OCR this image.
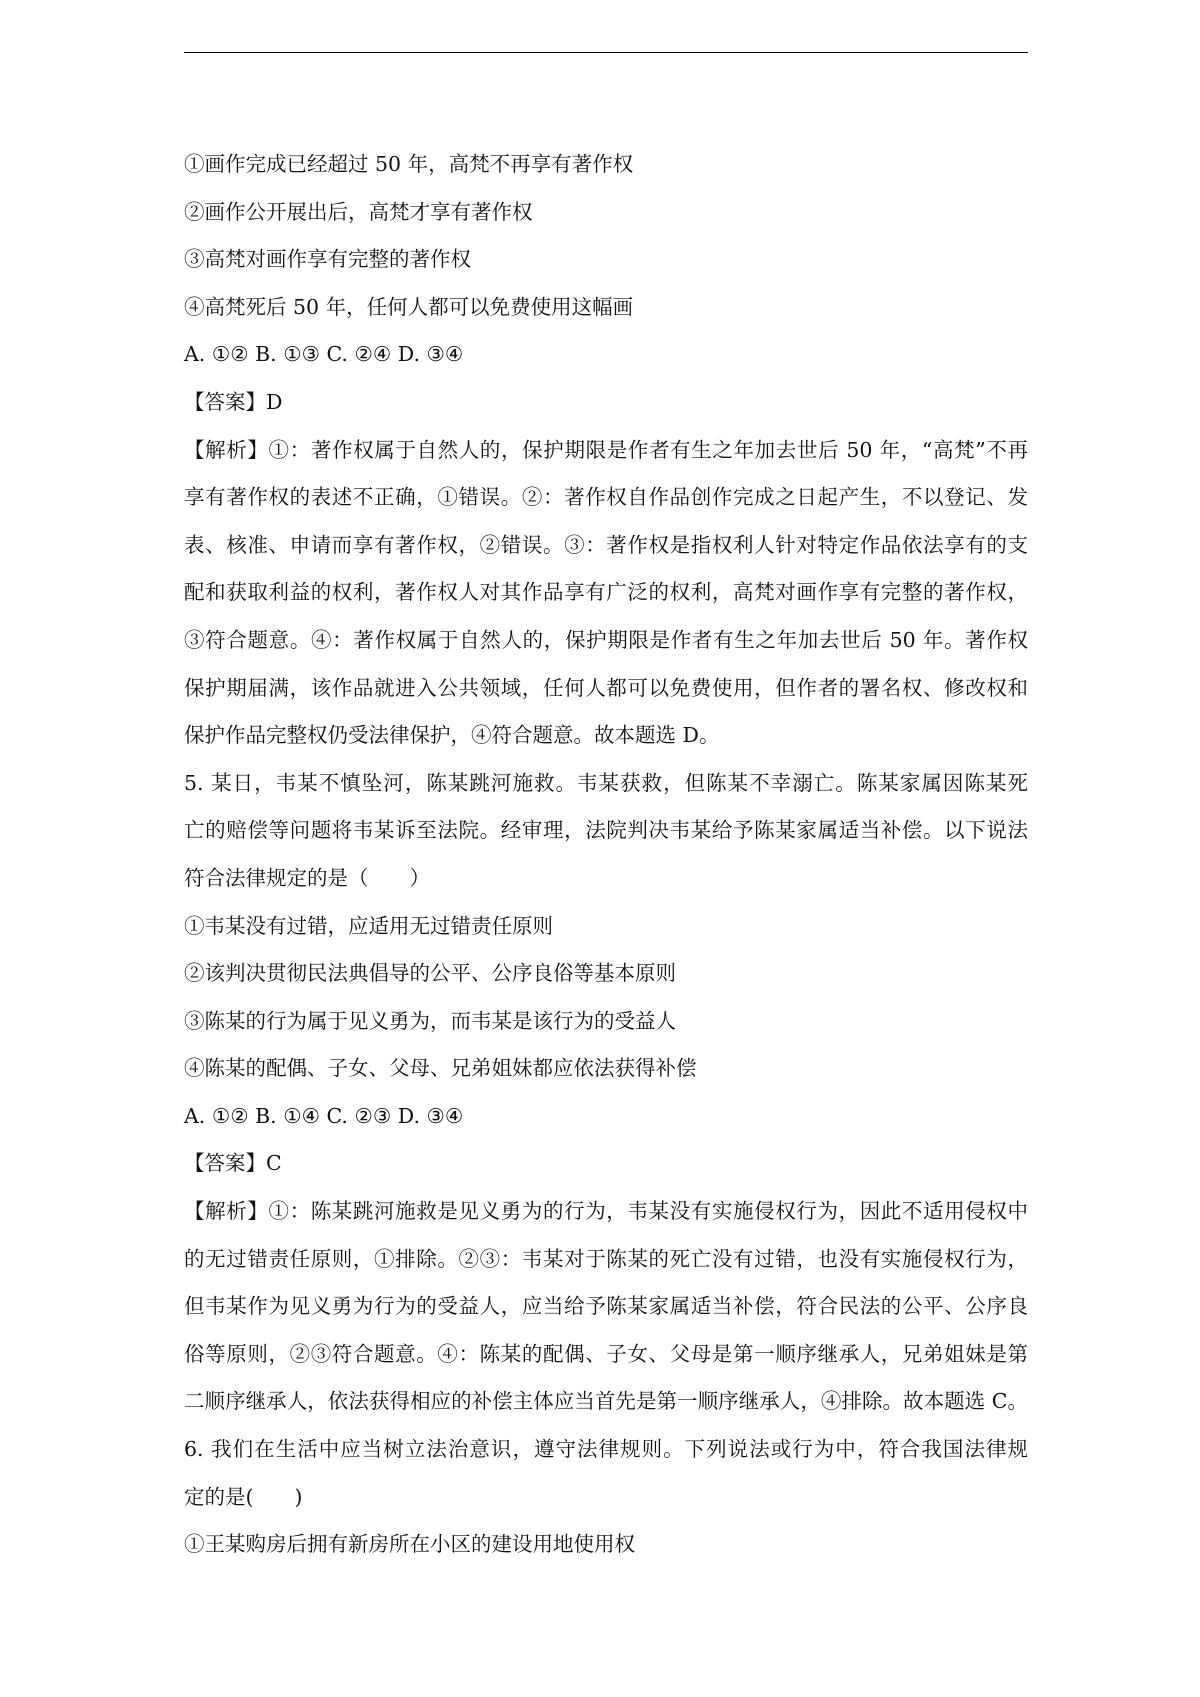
①画作完成已经超过 50 年，高梵不再享有著作权
②画作公开展出后，高梵才享有著作权
③高梵对画作享有完整的著作权
④高梵死后 50 年，任何人都可以免费使用这幅画
A. ①② B. ①③ C. ②④ D. ③④
【答案】D
【解析】①：著作权属于自然人的，保护期限是作者有生之年加去世后 50 年，“高梵”不再
享有著作权的表述不正确，①错误。②：著作权自作品创作完成之日起产生，不以登记、发
表、核准、申请而享有著作权，②错误。③：著作权是指权利人针对特定作品依法享有的支
配和获取利益的权利，著作权人对其作品享有广泛的权利，高梵对画作享有完整的著作权，
③符合题意。④：著作权属于自然人的，保护期限是作者有生之年加去世后 50 年。著作权
保护期届满，该作品就进入公共领域，任何人都可以免费使用，但作者的署名权、修改权和
保护作品完整权仍受法律保护，④符合题意。故本题选 D。
5. 某日，韦某不慎坠河，陈某跳河施救。韦某获救，但陈某不幸溺亡。陈某家属因陈某死
亡的赔偿等问题将韦某诉至法院。经审理，法院判决韦某给予陈某家属适当补偿。以下说法
符合法律规定的是（　　）
①韦某没有过错，应适用无过错责任原则
②该判决贯彻民法典倡导的公平、公序良俗等基本原则
③陈某的行为属于见义勇为，而韦某是该行为的受益人
④陈某的配偶、子女、父母、兄弟姐妹都应依法获得补偿
A. ①② B. ①④ C. ②③ D. ③④
【答案】C
【解析】①：陈某跳河施救是见义勇为的行为，韦某没有实施侵权行为，因此不适用侵权中
的无过错责任原则，①排除。②③：韦某对于陈某的死亡没有过错，也没有实施侵权行为，
但韦某作为见义勇为行为的受益人，应当给予陈某家属适当补偿，符合民法的公平、公序良
俗等原则，②③符合题意。④：陈某的配偶、子女、父母是第一顺序继承人，兄弟姐妹是第
二顺序继承人，依法获得相应的补偿主体应当首先是第一顺序继承人，④排除。故本题选 C。
6. 我们在生活中应当树立法治意识，遵守法律规则。下列说法或行为中，符合我国法律规
定的是(　　)
①王某购房后拥有新房所在小区的建设用地使用权
